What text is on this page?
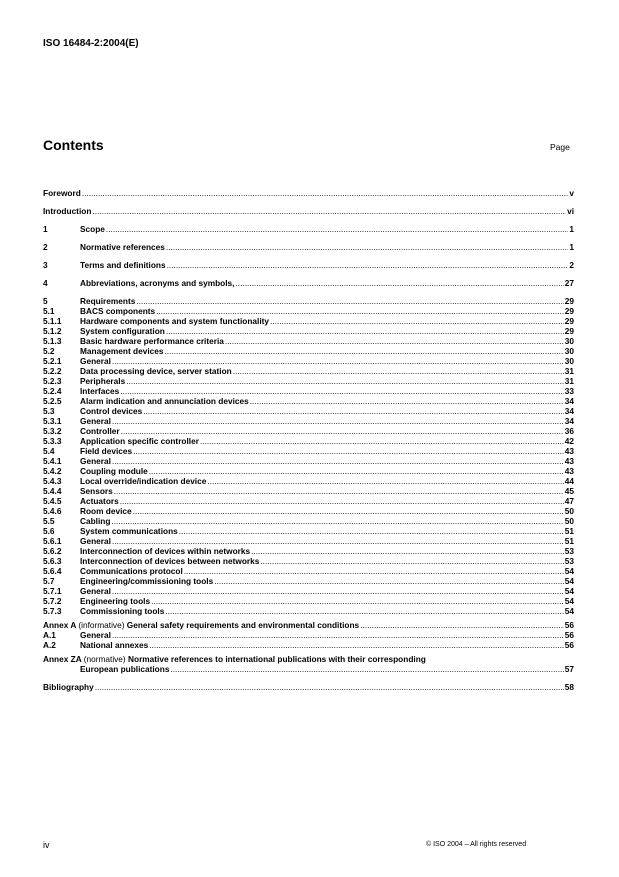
ISO 16484-2:2004(E)
Contents	Page
Foreword .....	v
Introduction .....	vi
1	Scope .....	1
2	Normative references .....	1
3	Terms and definitions .....	2
4	Abbreviations, acronyms and symbols, .....	27
5	Requirements .....	29
5.1	BACS components .....	29
5.1.1	Hardware components and system functionality .....	29
5.1.2	System configuration .....	29
5.1.3	Basic hardware performance criteria .....	30
5.2	Management devices .....	30
5.2.1	General .....	30
5.2.2	Data processing device, server station .....	31
5.2.3	Peripherals .....	31
5.2.4	Interfaces .....	33
5.2.5	Alarm indication and annunciation devices .....	34
5.3	Control devices .....	34
5.3.1	General .....	34
5.3.2	Controller .....	36
5.3.3	Application specific controller .....	42
5.4	Field devices .....	43
5.4.1	General .....	43
5.4.2	Coupling module .....	43
5.4.3	Local override/indication device .....	44
5.4.4	Sensors .....	45
5.4.5	Actuators .....	47
5.4.6	Room device .....	50
5.5	Cabling .....	50
5.6	System communications .....	51
5.6.1	General .....	51
5.6.2	Interconnection of devices within networks .....	53
5.6.3	Interconnection of devices between networks .....	53
5.6.4	Communications protocol .....	54
5.7	Engineering/commissioning tools .....	54
5.7.1	General .....	54
5.7.2	Engineering tools .....	54
5.7.3	Commissioning tools .....	54
Annex A (informative) General safety requirements and environmental conditions .....	56
A.1	General .....	56
A.2	National annexes .....	56
Annex ZA (normative) Normative references to international publications with their corresponding
European publications .....	57
Bibliography .....	58
iv	© ISO 2004 – All rights reserved
